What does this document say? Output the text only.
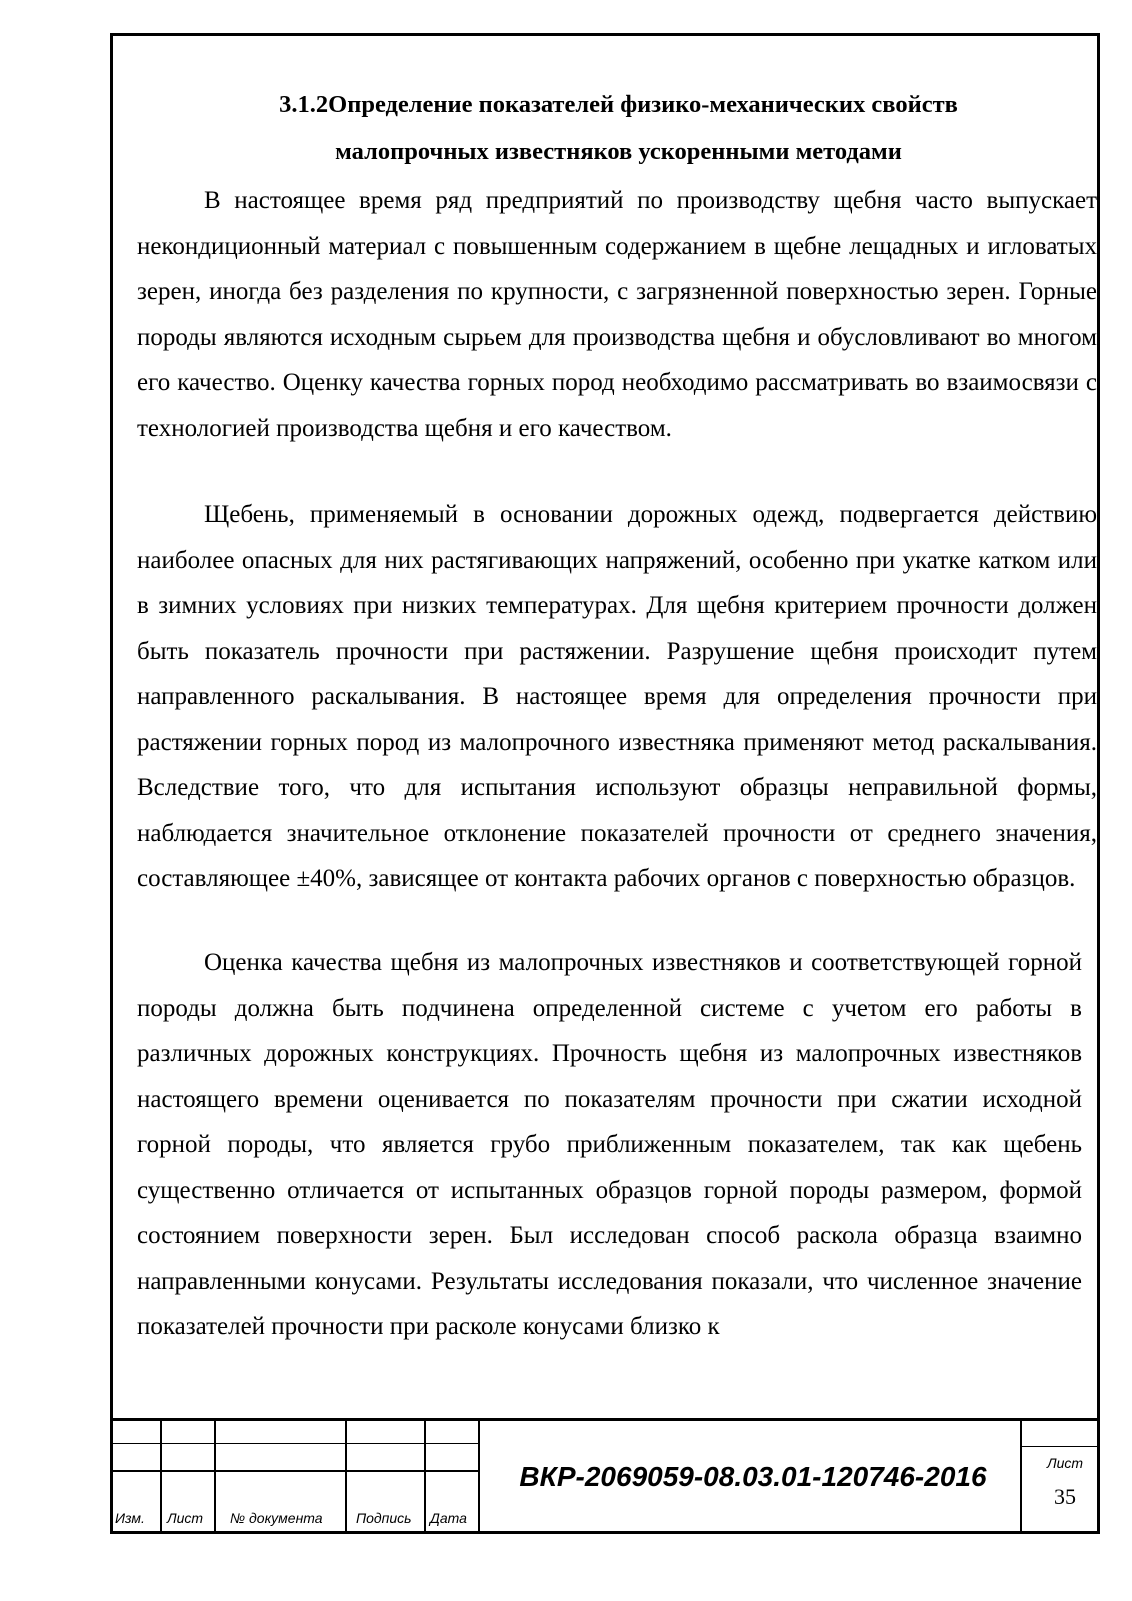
3.1.2Определение показателей физико-механических свойств
малопрочных известняков ускоренными методами

В настоящее время ряд предприятий по производству щебня часто выпускает некондиционный материал с повышенным содержанием в щебне лещадных и игловатых зерен, иногда без разделения по крупности, с загрязненной поверхностью зерен. Горные породы являются исходным сырьем для производства щебня и обусловливают во многом его качество. Оценку качества горных пород необходимо рассматривать во взаимосвязи с технологией производства щебня и его качеством.

Щебень, применяемый в основании дорожных одежд, подвергается действию наиболее опасных для них растягивающих напряжений, особенно при укатке катком или в зимних условиях при низких температурах. Для щебня критерием прочности должен быть показатель прочности при растяжении. Разрушение щебня происходит путем направленного раскалывания. В настоящее время для определения прочности при растяжении горных пород из малопрочного известняка применяют метод раскалывания. Вследствие того, что для испытания используют образцы неправильной формы, наблюдается значительное отклонение показателей прочности от среднего значения, составляющее ±40%, зависящее от контакта рабочих органов с поверхностью образцов.

Оценка качества щебня из малопрочных известняков и соответствующей горной породы должна быть подчинена определенной системе с учетом его работы в различных дорожных конструкциях. Прочность щебня из малопрочных известняков настоящего времени оценивается по показателям прочности при сжатии исходной горной породы, что является грубо приближенным показателем, так как щебень существенно отличается от испытанных образцов горной породы размером, формой состоянием поверхности зерен. Был исследован способ раскола образца взаимно направленными конусами. Результаты исследования показали, что численное значение показателей прочности при расколе конусами близко к

Изм. Лист № документа Подпись Дата
ВКР-2069059-08.03.01-120746-2016	Лист
35
